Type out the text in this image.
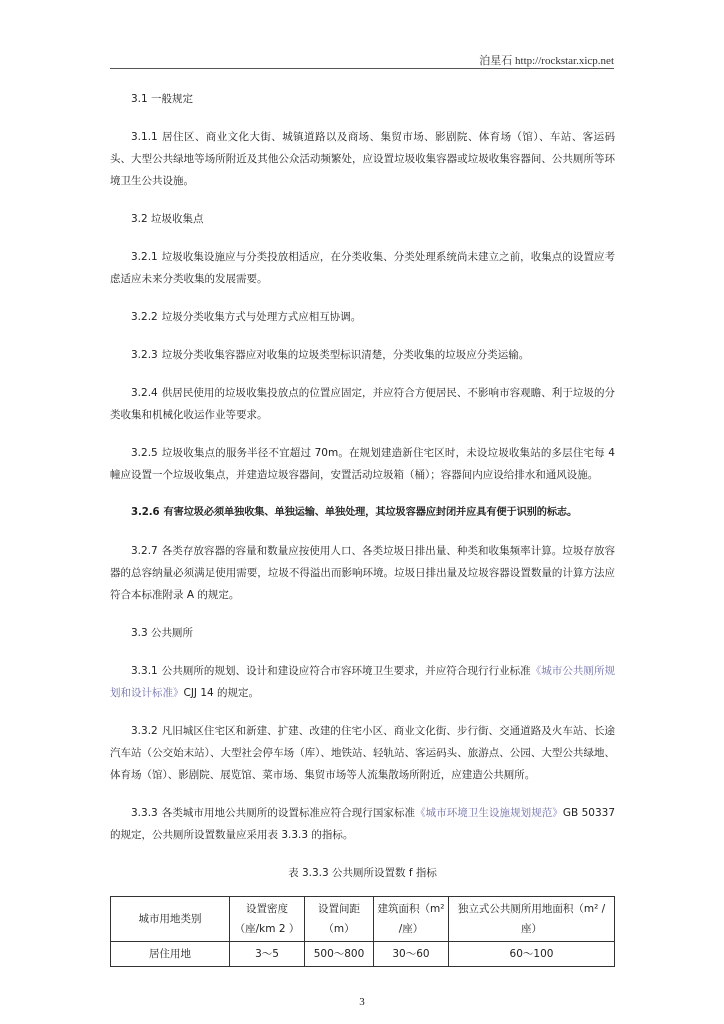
泊星石 http://rockstar.xicp.net

3.1 一般规定

3.1.1 居住区、商业文化大街、城镇道路以及商场、集贸市场、影剧院、体育场（馆）、车站、客运码头、大型公共绿地等场所附近及其他公众活动频繁处，应设置垃圾收集容器或垃圾收集容器间、公共厕所等环境卫生公共设施。

3.2 垃圾收集点

3.2.1 垃圾收集设施应与分类投放相适应，在分类收集、分类处理系统尚未建立之前，收集点的设置应考虑适应未来分类收集的发展需要。

3.2.2 垃圾分类收集方式与处理方式应相互协调。

3.2.3 垃圾分类收集容器应对收集的垃圾类型标识清楚，分类收集的垃圾应分类运输。

3.2.4 供居民使用的垃圾收集投放点的位置应固定，并应符合方便居民、不影响市容观瞻、利于垃圾的分类收集和机械化收运作业等要求。

3.2.5 垃圾收集点的服务半径不宜超过 70m。在规划建造新住宅区时，未设垃圾收集站的多层住宅每 4 幢应设置一个垃圾收集点，并建造垃圾容器间，安置活动垃圾箱（桶）；容器间内应设给排水和通风设施。

3.2.6 有害垃圾必须单独收集、单独运输、单独处理，其垃圾容器应封闭并应具有便于识别的标志。

3.2.7 各类存放容器的容量和数量应按使用人口、各类垃圾日排出量、种类和收集频率计算。垃圾存放容器的总容纳量必须满足使用需要，垃圾不得溢出而影响环境。垃圾日排出量及垃圾容器设置数量的计算方法应符合本标准附录 A 的规定。

3.3 公共厕所

3.3.1 公共厕所的规划、设计和建设应符合市容环境卫生要求，并应符合现行行业标准《城市公共厕所规划和设计标准》CJJ 14 的规定。

3.3.2 凡旧城区住宅区和新建、扩建、改建的住宅小区、商业文化街、步行街、交通道路及火车站、长途汽车站（公交始末站）、大型社会停车场（库）、地铁站、轻轨站、客运码头、旅游点、公园、大型公共绿地、体育场（馆）、影剧院、展览馆、菜市场、集贸市场等人流集散场所附近，应建造公共厕所。

3.3.3 各类城市用地公共厕所的设置标准应符合现行国家标准《城市环境卫生设施规划规范》GB 50337 的规定，公共厕所设置数量应采用表 3.3.3 的指标。

表 3.3.3 公共厕所设置数 f 指标
城市用地类别	设置密度（座/km 2 ）	设置间距（m）	建筑面积（m² /座）	独立式公共厕所用地面积（m² / 座）
居住用地	3～5	500～800	30～60	60～100
3
